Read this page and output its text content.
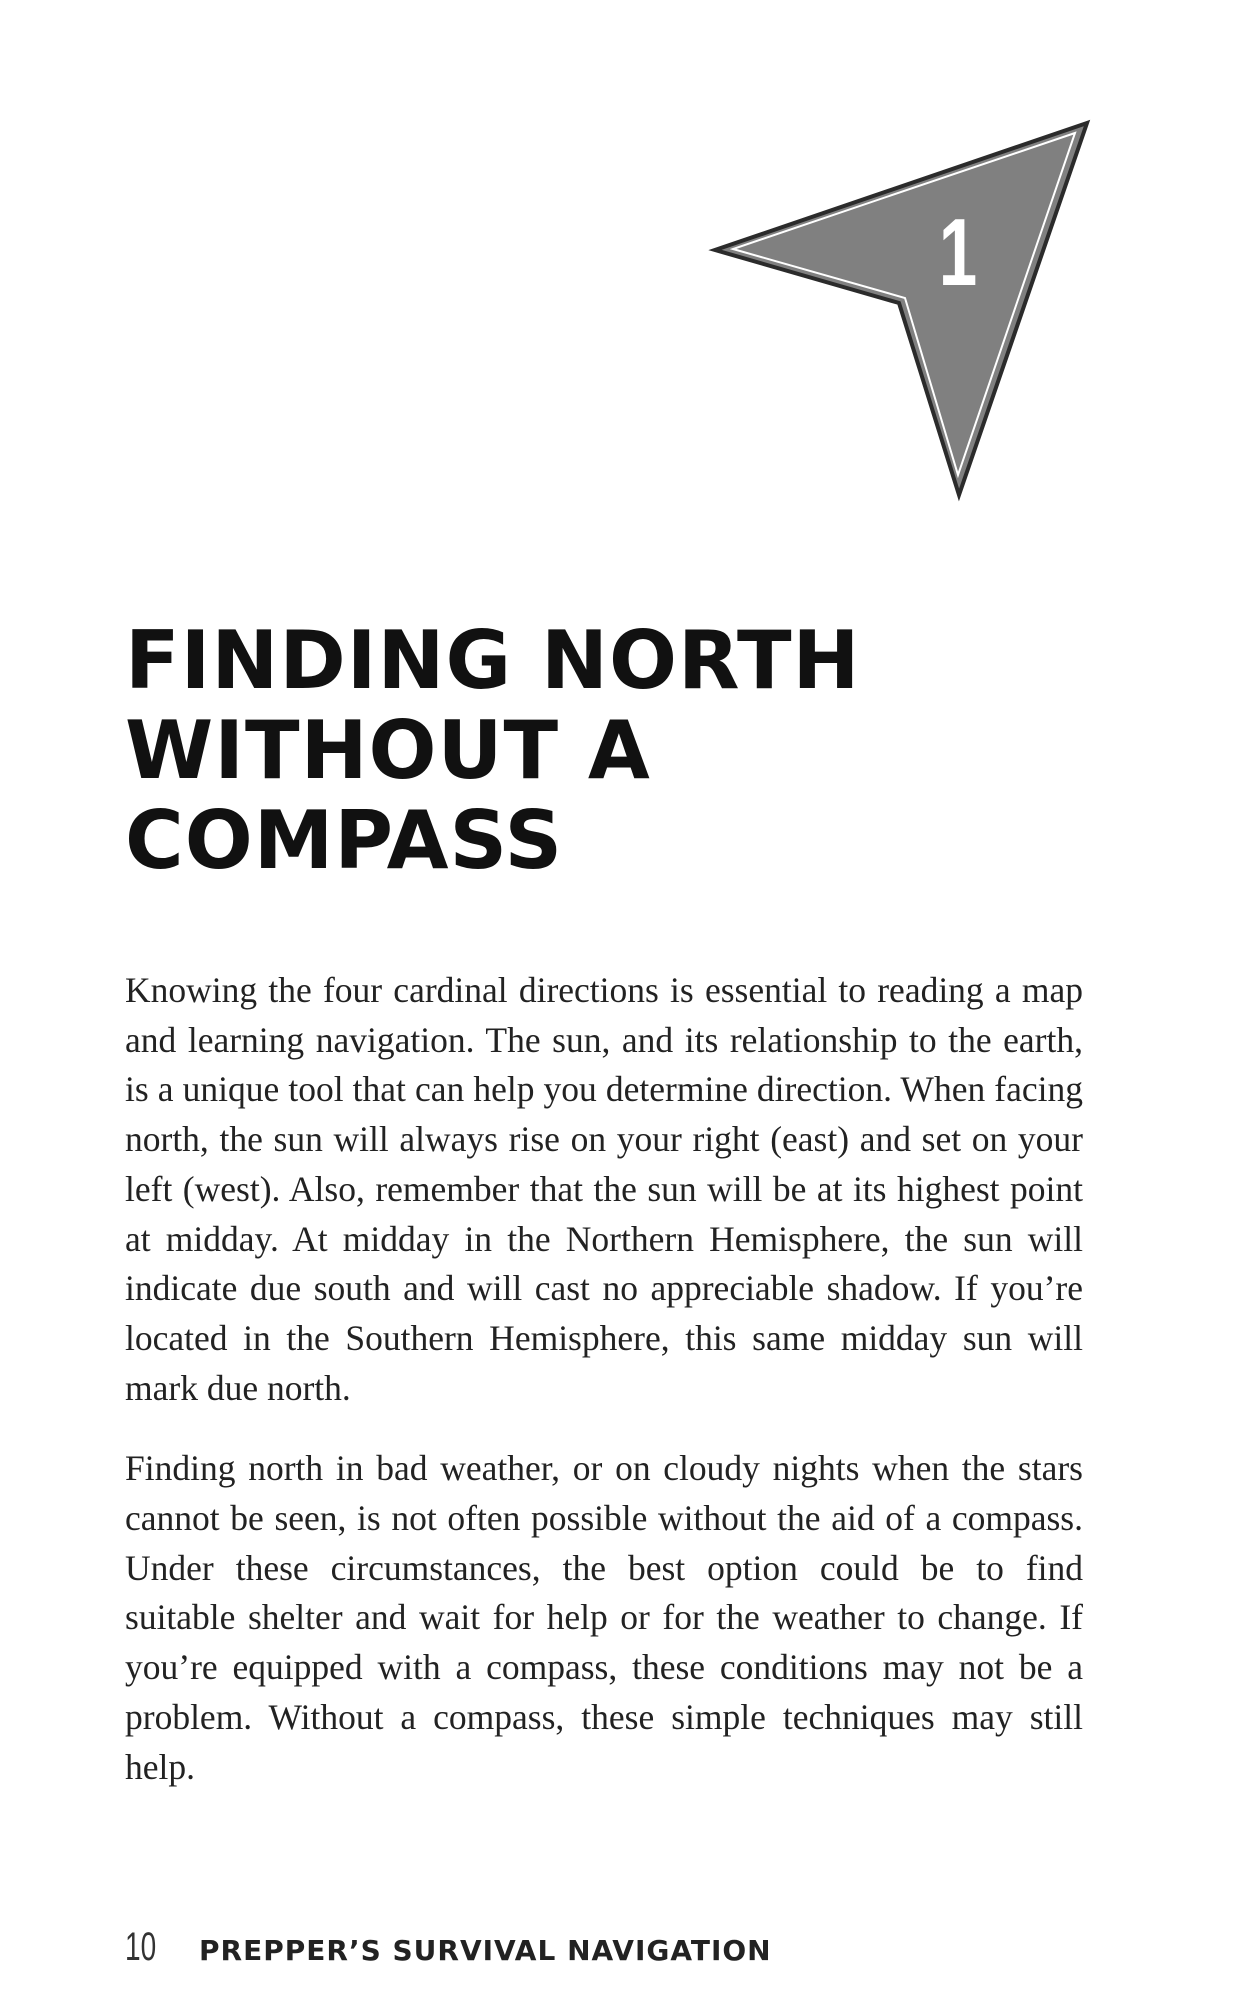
1
FINDING NORTH
WITHOUT A
COMPASS

Knowing the four cardinal directions is essential to reading a map and learning navigation. The sun, and its relationship to the earth, is a unique tool that can help you determine direction. When facing north, the sun will always rise on your right (east) and set on your left (west). Also, remember that the sun will be at its highest point at midday. At midday in the Northern Hemisphere, the sun will indicate due south and will cast no appreciable shadow. If you’re located in the Southern Hemisphere, this same midday sun will mark due north.

Finding north in bad weather, or on cloudy nights when the stars cannot be seen, is not often possible without the aid of a compass. Under these circumstances, the best option could be to find suitable shelter and wait for help or for the weather to change. If you’re equipped with a compass, these conditions may not be a problem. Without a compass, these simple techniques may still help.

10 PREPPER’S SURVIVAL NAVIGATION
